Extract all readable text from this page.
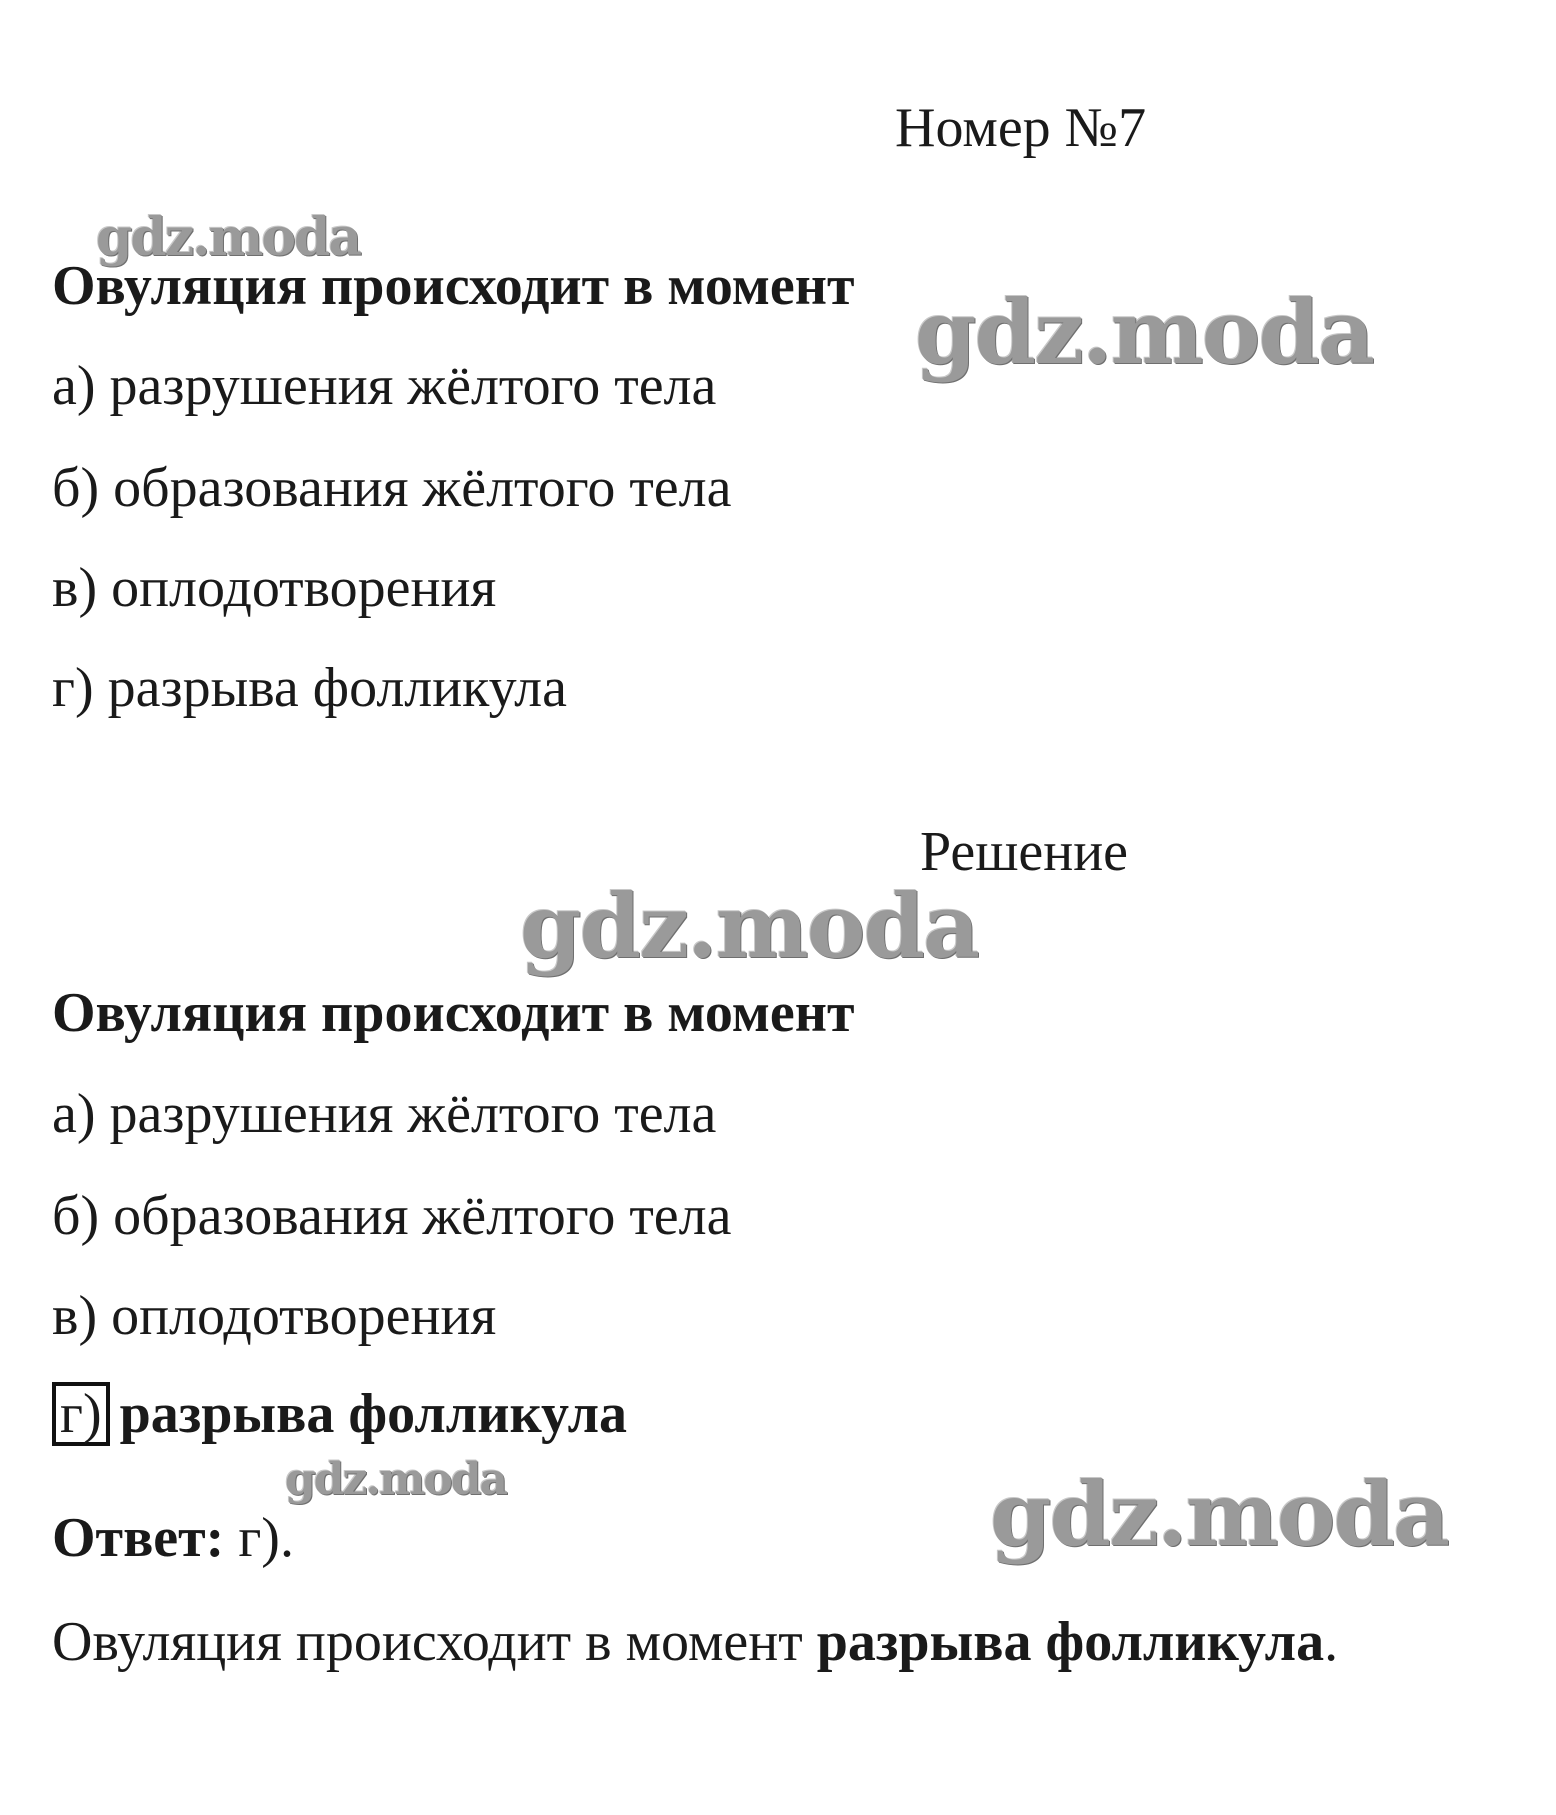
gdz.moda
gdz.moda
gdz.moda
gdz.moda	gdz.moda
Номер №7
Овуляция происходит в момент
а) разрушения жёлтого тела
б) образования жёлтого тела
в) оплодотворения
г) разрыва фолликула
Решение
Овуляция происходит в момент
а) разрушения жёлтого тела
б) образования жёлтого тела
в) оплодотворения
г) разрыва фолликула
Ответ: г).
Овуляция происходит в момент разрыва фолликула.
